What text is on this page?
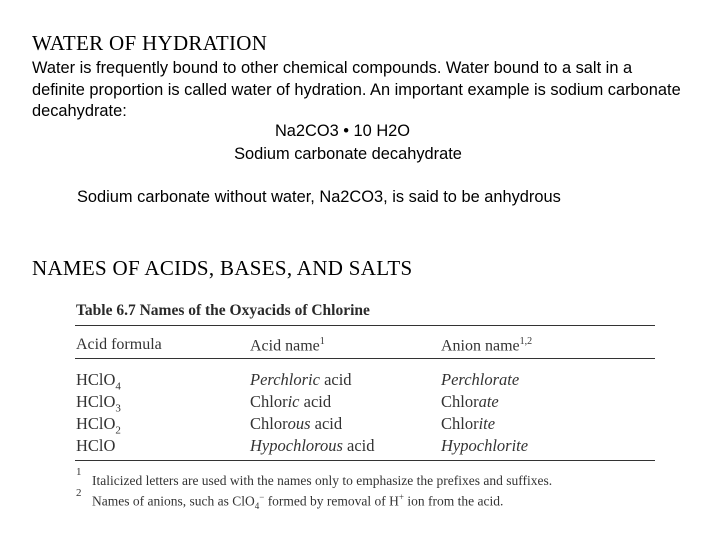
WATER OF HYDRATION
Water is frequently bound to other chemical compounds. Water bound to a salt in a definite proportion is called water of hydration. An important example is sodium carbonate decahydrate:
Na2CO3 • 10 H2O
Sodium carbonate decahydrate
Sodium carbonate without water, Na2CO3, is said to be anhydrous
NAMES OF ACIDS, BASES, AND SALTS
Table 6.7 Names of the Oxyacids of Chlorine
Acid formula	Acid name$^1$	Anion name$^{1,2}$
HClO$_4$	Perchloric acid	Perchlorate
HClO$_3$	Chloric acid	Chlorate
HClO$_2$	Chlorous acid	Chlorite
HClO	Hypochlorous acid	Hypochlorite
1
Italicized letters are used with the names only to emphasize the prefixes and suffixes.
2
Names of anions, such as ClO$_4$− formed by removal of H+ ion from the acid.
